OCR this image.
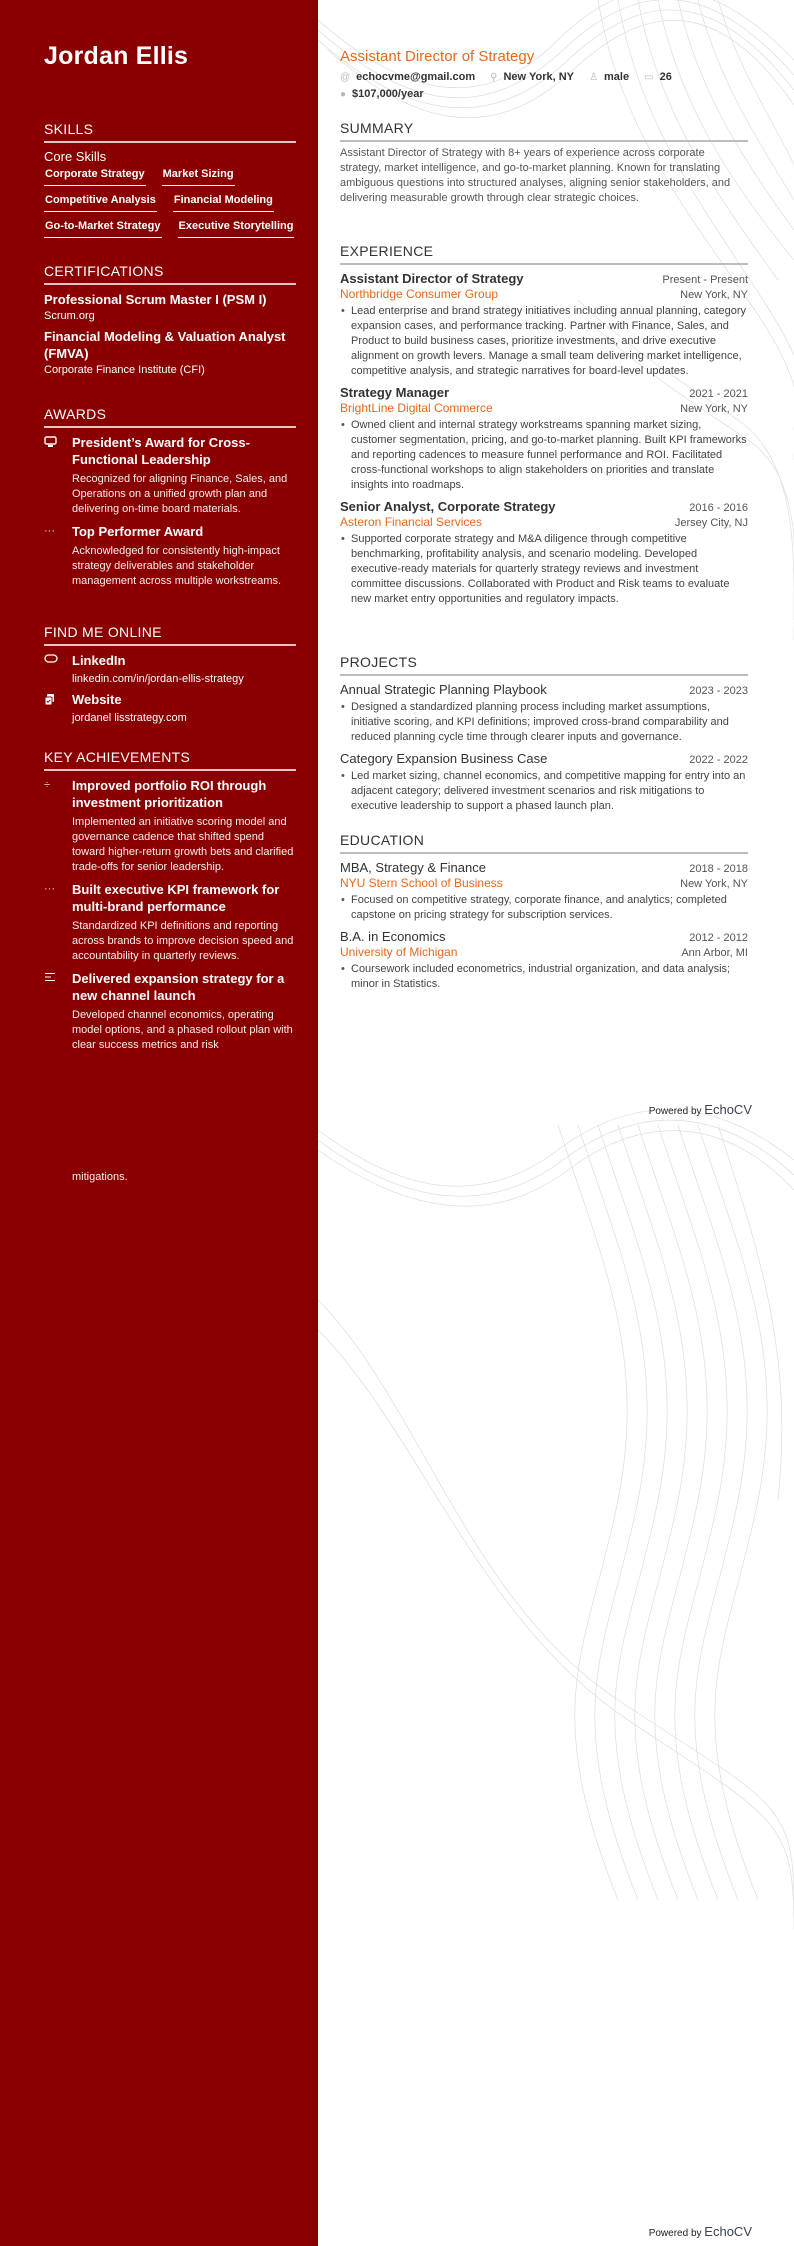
Jordan Ellis
SKILLS
Core Skills
Corporate Strategy Market Sizing
Competitive Analysis Financial Modeling
Go-to-Market Strategy Executive Storytelling
CERTIFICATIONS
Professional Scrum Master I (PSM I)
Scrum.org
Financial Modeling & Valuation Analyst (FMVA)
Corporate Finance Institute (CFI)
AWARDS
President’s Award for Cross-Functional Leadership
Recognized for aligning Finance, Sales, and Operations on a unified growth plan and delivering on-time board materials.
···	Top Performer Award
Acknowledged for consistently high-impact strategy deliverables and stakeholder management across multiple workstreams.
FIND ME ONLINE
LinkedIn
linkedin.com/in/jordan-ellis-strategy
Website
jordanel lisstrategy.com
KEY ACHIEVEMENTS
÷	Improved portfolio ROI through investment prioritization
Implemented an initiative scoring model and governance cadence that shifted spend toward higher-return growth bets and clarified trade-offs for senior leadership.
···	Built executive KPI framework for multi-brand performance
Standardized KPI definitions and reporting across brands to improve decision speed and accountability in quarterly reviews.
Delivered expansion strategy for a new channel launch
Developed channel economics, operating model options, and a phased rollout plan with clear success metrics and risk
mitigations.
Assistant Director of Strategy
@ echocvme@gmail.com
⚲ New York, NY
♙ male
▭ 26

● $107,000/year
SUMMARY
Assistant Director of Strategy with 8+ years of experience across corporate strategy, market intelligence, and go-to-market planning. Known for translating ambiguous questions into structured analyses, aligning senior stakeholders, and delivering measurable growth through clear strategic choices.
EXPERIENCE
Assistant Director of Strategy	Present - Present
Northbridge Consumer Group	New York, NY
• Lead enterprise and brand strategy initiatives including annual planning, category expansion cases, and performance tracking. Partner with Finance, Sales, and Product to build business cases, prioritize investments, and drive executive alignment on growth levers. Manage a small team delivering market intelligence, competitive analysis, and strategic narratives for board-level updates.
Strategy Manager	2021 - 2021
BrightLine Digital Commerce	New York, NY
• Owned client and internal strategy workstreams spanning market sizing, customer segmentation, pricing, and go-to-market planning. Built KPI frameworks and reporting cadences to measure funnel performance and ROI. Facilitated cross-functional workshops to align stakeholders on priorities and translate insights into roadmaps.
Senior Analyst, Corporate Strategy	2016 - 2016
Asteron Financial Services	Jersey City, NJ
• Supported corporate strategy and M&A diligence through competitive benchmarking, profitability analysis, and scenario modeling. Developed executive-ready materials for quarterly strategy reviews and investment committee discussions. Collaborated with Product and Risk teams to evaluate new market entry opportunities and regulatory impacts.
PROJECTS
Annual Strategic Planning Playbook	2023 - 2023
• Designed a standardized planning process including market assumptions, initiative scoring, and KPI definitions; improved cross-brand comparability and reduced planning cycle time through clearer inputs and governance.
Category Expansion Business Case	2022 - 2022
• Led market sizing, channel economics, and competitive mapping for entry into an adjacent category; delivered investment scenarios and risk mitigations to executive leadership to support a phased launch plan.
EDUCATION
MBA, Strategy & Finance	2018 - 2018
NYU Stern School of Business	New York, NY
• Focused on competitive strategy, corporate finance, and analytics; completed capstone on pricing strategy for subscription services.
B.A. in Economics	2012 - 2012
University of Michigan	Ann Arbor, MI
• Coursework included econometrics, industrial organization, and data analysis; minor in Statistics.
Powered by EchoCV
Powered by EchoCV
